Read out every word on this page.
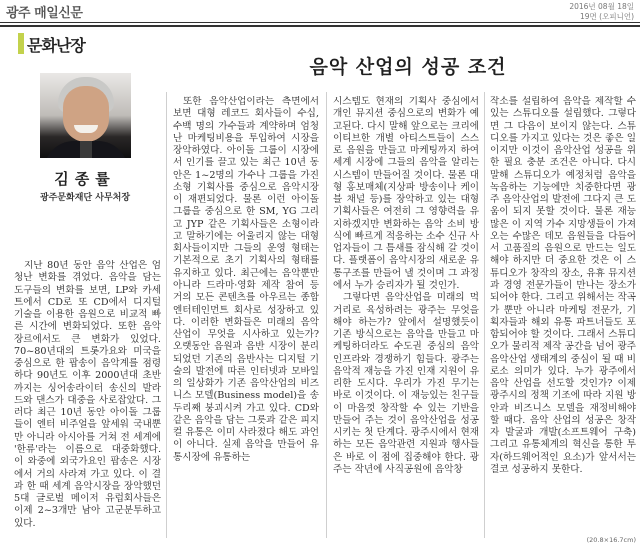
광주 매일신문	2016년 08월 18일
19면 (오피니언)
문화난장
음악 산업의 성공 조건
김종률
광주문화재단 사무처장

지난 80년 동안 음악 산업은 엄청난 변화를 겪었다. 음악을 담는 도구들의 변화를 보면, LP와 카세트에서 CD로 또 CD에서 디지털 기술을 이용한 음원으로 비교적 빠른 시간에 변화되었다. 또한 음악 장르에서도 큰 변화가 있었다. 70~80년대의 트롯가요와 미국을 중심으로 한 팝송이 음악계를 점령하다 90년도 이후 2000년대 초반까지는 싱어송라이터 송신의 발라드와 댄스가 대중을 사로잡았다. 그러다 최근 10년 동안 아이돌 그룹들이 엔터 비주얼을 앞세워 국내뿐만 아니라 아시아를 거쳐 전 세계에 '한류'라는 이름으로 대중화했다. 이 와중에 외국가요인 팝송은 시장에서 거의 사라져 가고 있다. 이 결과 한 때 세계 음악시장을 장악했던 5대 글로벌 메이저 유럽회사들은 이제 2~3개만 남아 고군분투하고 있다.

또한 음악산업이라는 측면에서 보면 대형 레코드 회사들이 수십, 수백 명의 가수들과 계약하며 엄청난 마케팅비용을 투입하여 시장을 장악하였다. 아이돌 그룹이 시장에서 인기를 끌고 있는 최근 10년 동안은 1~2명의 가수나 그룹을 가진 소형 기획사를 중심으로 음악시장이 재편되었다. 물론 이런 아이돌 그룹을 중심으로 한 SM, YG 그리고 JYP 같은 기획사들은 소형이라고 말하기에는 어울리지 않는 대형 회사들이지만 그들의 운영 형태는 기본적으로 초기 기획사의 형태를 유지하고 있다. 최근에는 음악뿐만 아니라 드라마·영화 제작 참여 등 거의 모든 콘텐츠를 아우르는 종합 엔터테인먼트 회사로 성장하고 있다. 이러한 변화들은 미래의 음악 산업이 무엇을 시사하고 있는가? 오랫동안 음원과 음반 시장이 분리되었던 기존의 음반사는 디지털 기술의 발전에 따른 인터넷과 모바일의 일상화가 기존 음악산업의 비즈니스 모델(Business model)을 송두리째 붕괴시켜 가고 있다. CD와 같은 음악을 담는 그릇과 같은 피지컬 유통은 이미 사라졌다 해도 과언이 아니다. 실제 음악을 만들어 유통시장에 유통하는

시스템도 현재의 기획사 중심에서 개인 뮤지션 중심으로의 변화가 예고된다. 다시 말해 앞으로는 크리에이티브한 개별 아티스트들이 스스로 음원을 만들고 마케팅까지 하여 세계 시장에 그들의 음악을 알리는 시스템이 만들어질 것이다. 물론 대형 홍보매체(지상파 방송이나 케이블 채널 등)를 장악하고 있는 대형 기획사들은 여전히 그 영향력을 유지하겠지만 변화하는 음악 소비 방식에 빠르게 적응하는 소수 신규 사업자들이 그 틈새를 잠식해 갈 것이다. 플랫폼이 음악시장의 새로운 유통구조를 만들어 낼 것이며 그 과정에서 누가 승리자가 될 것인가.

그렇다면 음악산업을 미래의 먹거리로 육성하려는 광주는 무엇을 해야 하는가? 앞에서 설명했듯이 기존 방식으로는 음악을 만들고 마케팅하더라도 수도권 중심의 음악 인프라와 경쟁하기 힘들다. 광주는 음악적 재능을 가진 인재 지원이 유리한 도시다. 우리가 가진 무기는 바로 이것이다. 이 재능있는 친구들이 마음껏 창작할 수 있는 기반을 만들어 주는 것이 음악산업을 성공시키는 첫 단계다. 광주시에서 현재 하는 모든 음악관련 지원과 행사들은 바로 이 점에 집중해야 한다. 광주는 작년에 사직공원에 음악창

작소를 설립하여 음악을 제작할 수 있는 스튜디오를 설립했다. 그렇다면 그 다음이 보이지 않는다. 스튜디오를 가지고 있다는 것은 좋은 일이지만 이것이 음악산업 성공을 위한 필요 충분 조건은 아니다. 다시 말해 스튜디오가 예정처럼 음악을 녹음하는 기능에만 치중한다면 광주 음악산업의 발전에 그다지 큰 도움이 되지 못할 것이다. 물론 재능 많은 이 지역 가수 지망생들이 가져오는 수많은 데모 음원들을 다듬어서 고품질의 음원으로 만드는 일도 해야 하지만 더 중요한 것은 이 스튜디오가 창작의 장소, 유휴 뮤지션과 경영 전문가들이 만나는 장소가 되어야 한다. 그리고 위해서는 작곡가 뿐만 아니라 마케팅 전문가, 기획자들과 해외 유통 파트너들도 포함되어야 할 것이다. 그래서 스튜디오가 물리적 제작 공간을 넘어 광주 음악산업 생태계의 중심이 될 때 비로소 의미가 있다. 누가 광주에서 음악 산업을 선도할 것인가? 이제 광주시의 정책 기조에 따라 지원 방안과 비즈니스 모델을 재정비해야 할 때다. 음악 산업의 성공은 창작자 발굴과 개발(소프트웨어 구축) 그리고 유통체계의 혁신을 통한 투자(하드웨어적인 요소)가 앞서서는 결코 성공하지 못한다.

(20.8×16.7cm)
